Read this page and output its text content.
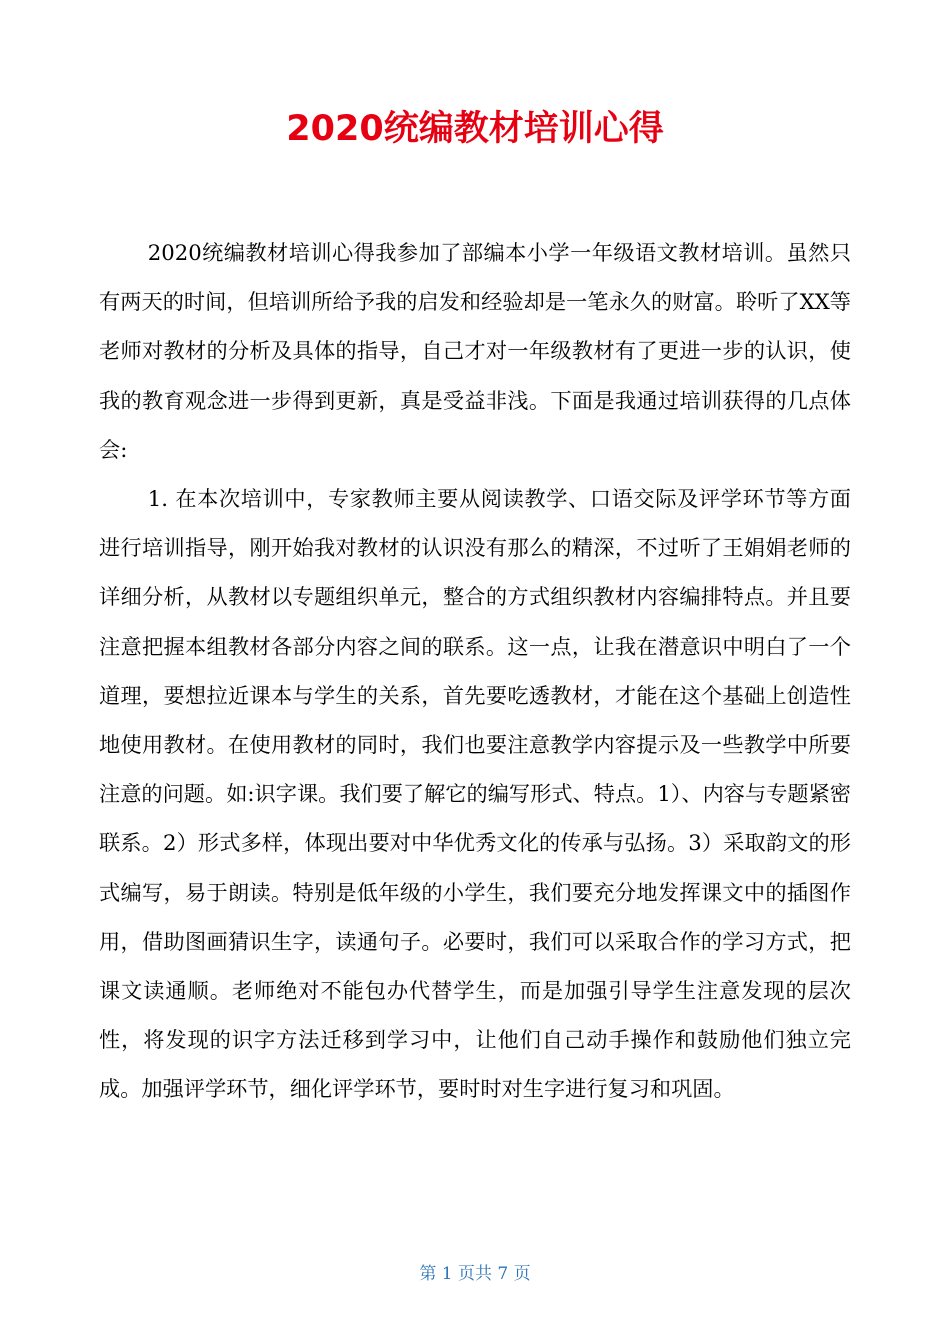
2020统编教材培训心得

2020统编教材培训心得我参加了部编本小学一年级语文教材培训。虽然只有两天的时间，但培训所给予我的启发和经验却是一笔永久的财富。聆听了XX等老师对教材的分析及具体的指导，自己才对一年级教材有了更进一步的认识，使我的教育观念进一步得到更新，真是受益非浅。下面是我通过培训获得的几点体会:

1. 在本次培训中，专家教师主要从阅读教学、口语交际及评学环节等方面进行培训指导，刚开始我对教材的认识没有那么的精深，不过听了王娟娟老师的详细分析，从教材以专题组织单元，整合的方式组织教材内容编排特点。并且要注意把握本组教材各部分内容之间的联系。这一点，让我在潜意识中明白了一个道理，要想拉近课本与学生的关系，首先要吃透教材，才能在这个基础上创造性地使用教材。在使用教材的同时，我们也要注意教学内容提示及一些教学中所要注意的问题。如:识字课。我们要了解它的编写形式、特点。1）、内容与专题紧密联系。2）形式多样，体现出要对中华优秀文化的传承与弘扬。3）采取韵文的形式编写，易于朗读。特别是低年级的小学生，我们要充分地发挥课文中的插图作用，借助图画猜识生字，读通句子。必要时，我们可以采取合作的学习方式，把课文读通顺。老师绝对不能包办代替学生，而是加强引导学生注意发现的层次性，将发现的识字方法迁移到学习中，让他们自己动手操作和鼓励他们独立完成。加强评学环节，细化评学环节，要时时对生字进行复习和巩固。

第 1 页共 7 页
